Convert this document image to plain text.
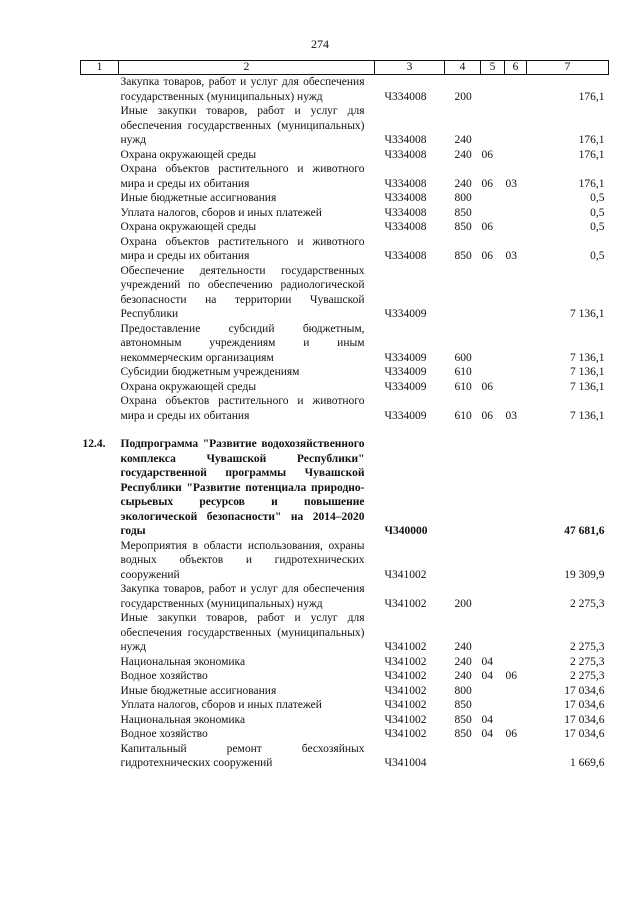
274
1	2	3	4	5	6	7
	Закупка товаров, работ и услуг для обеспечения государственных (муниципальных) нужд	Ч334008	200			176,1
	Иные закупки товаров, работ и услуг для обеспечения государственных (муниципальных) нужд	Ч334008	240			176,1
	Охрана окружающей среды	Ч334008	240	06		176,1
	Охрана объектов растительного и животного мира и среды их обитания	Ч334008	240	06	03	176,1
	Иные бюджетные ассигнования	Ч334008	800			0,5
	Уплата налогов, сборов и иных платежей	Ч334008	850			0,5
	Охрана окружающей среды	Ч334008	850	06		0,5
	Охрана объектов растительного и животного мира и среды их обитания	Ч334008	850	06	03	0,5
	Обеспечение деятельности государственных учреждений по обеспечению радиологической безопасности на территории Чувашской Республики	Ч334009				7 136,1
	Предоставление субсидий бюджетным, автономным учреждениям и иным некоммерческим организациям	Ч334009	600			7 136,1
	Субсидии бюджетным учреждениям	Ч334009	610			7 136,1
	Охрана окружающей среды	Ч334009	610	06		7 136,1
	Охрана объектов растительного и животного мира и среды их обитания	Ч334009	610	06	03	7 136,1

12.4.	Подпрограмма "Развитие водохозяйственного комплекса Чувашской Республики" государственной программы Чувашской Республики "Развитие потенциала природно-сырьевых ресурсов и повышение экологической безопасности" на 2014–2020 годы	Ч340000				47 681,6
	Мероприятия в области использования, охраны водных объектов и гидротехнических сооружений	Ч341002				19 309,9
	Закупка товаров, работ и услуг для обеспечения государственных (муниципальных) нужд	Ч341002	200			2 275,3
	Иные закупки товаров, работ и услуг для обеспечения государственных (муниципальных) нужд	Ч341002	240			2 275,3
	Национальная экономика	Ч341002	240	04		2 275,3
	Водное хозяйство	Ч341002	240	04	06	2 275,3
	Иные бюджетные ассигнования	Ч341002	800			17 034,6
	Уплата налогов, сборов и иных платежей	Ч341002	850			17 034,6
	Национальная экономика	Ч341002	850	04		17 034,6
	Водное хозяйство	Ч341002	850	04	06	17 034,6
	Капитальный ремонт бесхозяйных гидротехнических сооружений	Ч341004				1 669,6
